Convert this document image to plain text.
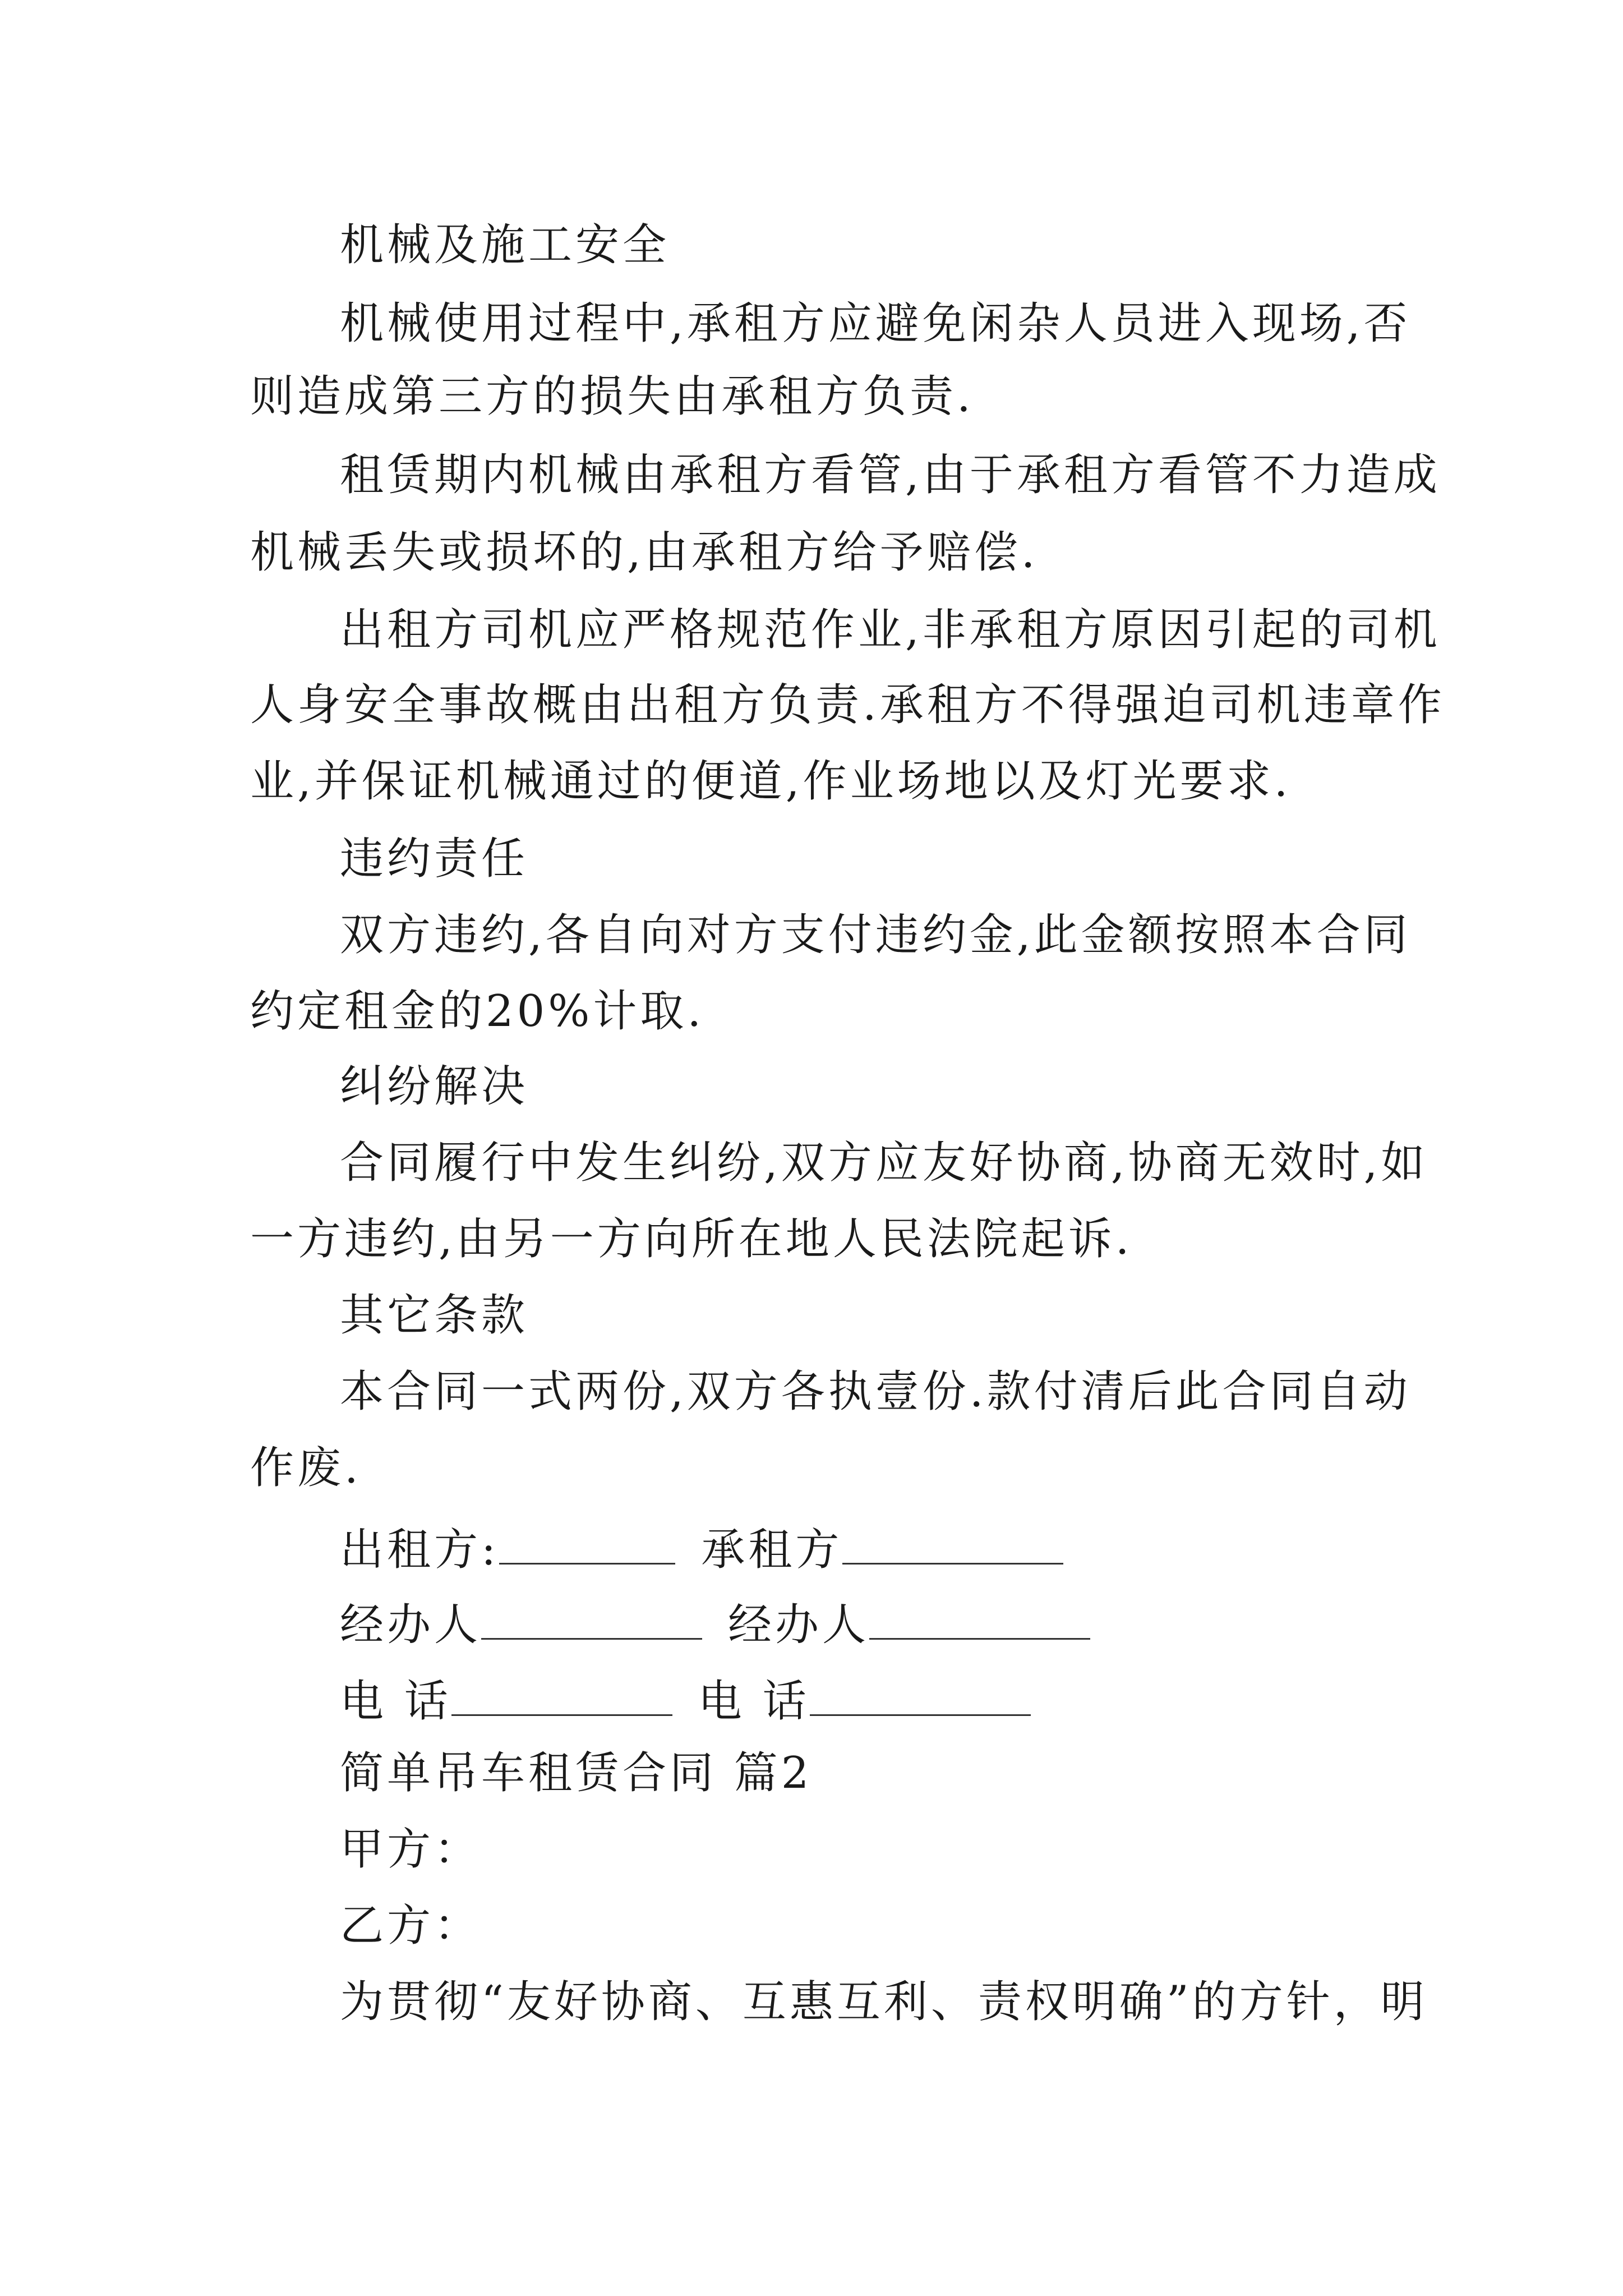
机械及施工安全
机械使用过程中,承租方应避免闲杂人员进入现场,否
则造成第三方的损失由承租方负责.
租赁期内机械由承租方看管,由于承租方看管不力造成
机械丢失或损坏的,由承租方给予赔偿.
出租方司机应严格规范作业,非承租方原因引起的司机
人身安全事故概由出租方负责.承租方不得强迫司机违章作
业,并保证机械通过的便道,作业场地以及灯光要求.
违约责任
双方违约,各自向对方支付违约金,此金额按照本合同
约定租金的20%计取.
纠纷解决
合同履行中发生纠纷,双方应友好协商,协商无效时,如
一方违约,由另一方向所在地人民法院起诉.
其它条款
本合同一式两份,双方各执壹份.款付清后此合同自动
作废.
出租方:	承租方
经办人	经办人
电 话	电 话
简单吊车租赁合同 篇2
甲方：
乙方：
为贯彻“友好协商、互惠互利、责权明确”的方针，明
